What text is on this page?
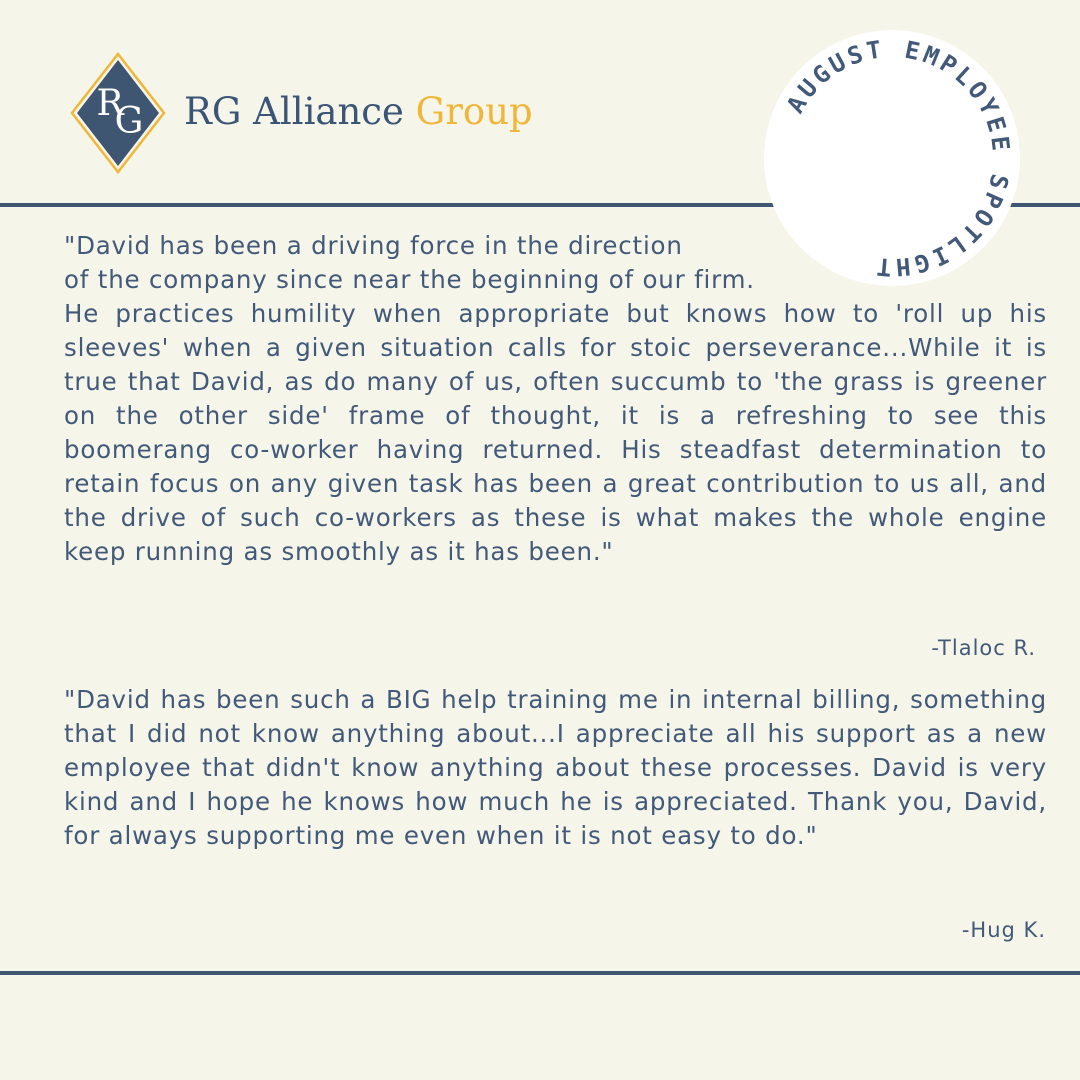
R
G RG Alliance Group	AUGUST EMPLOYEE SPOTLIGHT

"David has been a driving force in the direction
of the company since near the beginning of our firm.

He practices humility when appropriate but knows how to 'roll up his sleeves' when a given situation calls for stoic perseverance...While it is true that David, as do many of us, often succumb to 'the grass is greener on the other side' frame of thought, it is a refreshing to see this boomerang co-worker having returned. His steadfast determination to retain focus on any given task has been a great contribution to us all, and the drive of such co-workers as these is what makes the whole engine keep running as smoothly as it has been."

-Tlaloc R.

"David has been such a BIG help training me in internal billing, something that I did not know anything about...I appreciate all his support as a new employee that didn't know anything about these processes. David is very kind and I hope he knows how much he is appreciated. Thank you, David, for always supporting me even when it is not easy to do."

-Hug K.
